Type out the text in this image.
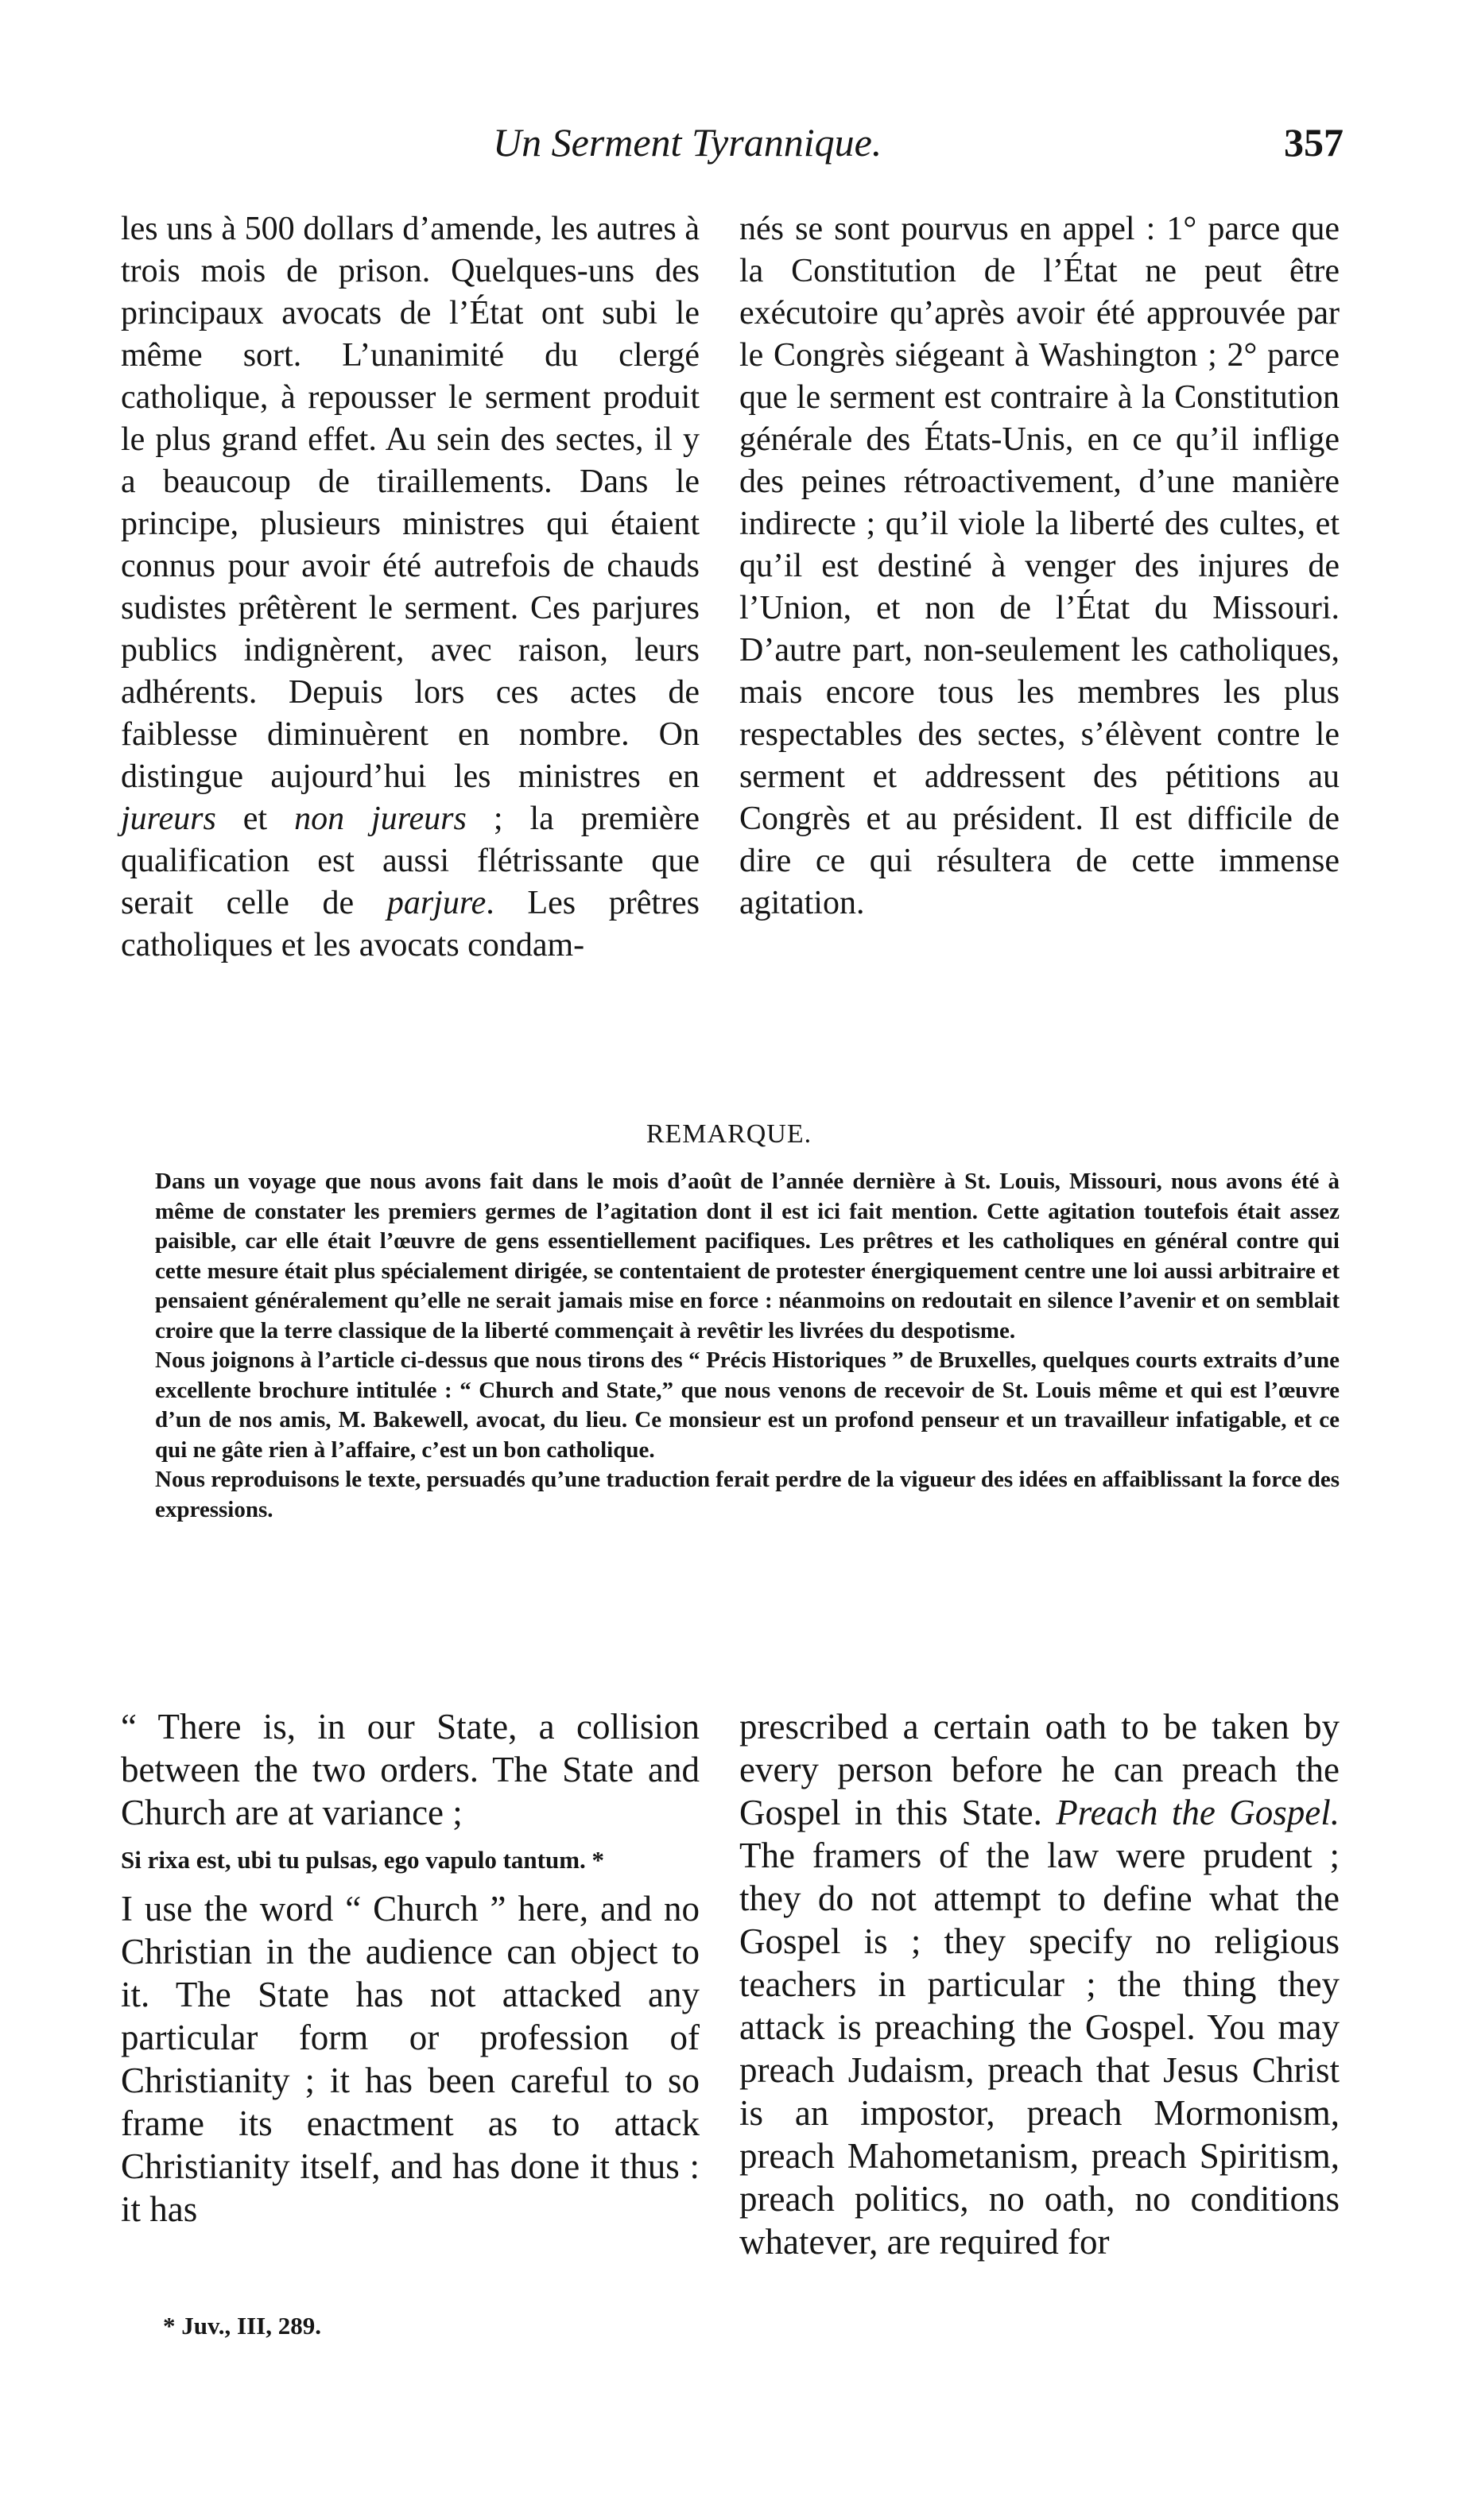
Un Serment Tyrannique.	357

les uns à 500 dollars d’amende, les autres à trois mois de prison. Quelques-uns des principaux avocats de l’État ont subi le même sort. L’unanimité du clergé catholique, à repousser le serment produit le plus grand effet. Au sein des sectes, il y a beaucoup de tiraillements. Dans le principe, plusieurs ministres qui étaient connus pour avoir été autrefois de chauds sudistes prêtèrent le serment. Ces parjures publics indignèrent, avec raison, leurs adhérents. Depuis lors ces actes de faiblesse diminuèrent en nombre. On distingue aujourd’hui les ministres en jureurs et non jureurs ; la première qualification est aussi flétrissante que serait celle de parjure. Les prêtres catholiques et les avocats condam-

nés se sont pourvus en appel : 1° parce que la Constitution de l’État ne peut être exécutoire qu’après avoir été approuvée par le Congrès siégeant à Washington ; 2° parce que le serment est contraire à la Constitution générale des États-Unis, en ce qu’il inflige des peines rétroactivement, d’une manière indirecte ; qu’il viole la liberté des cultes, et qu’il est destiné à venger des injures de l’Union, et non de l’État du Missouri. D’autre part, non-seulement les catholiques, mais encore tous les membres les plus respectables des sectes, s’élèvent contre le serment et addressent des pétitions au Congrès et au président. Il est difficile de dire ce qui résultera de cette immense agitation.

REMARQUE.

Dans un voyage que nous avons fait dans le mois d’août de l’année dernière à St. Louis, Missouri, nous avons été à même de constater les premiers germes de l’agitation dont il est ici fait mention. Cette agitation toutefois était assez paisible, car elle était l’œuvre de gens essentiellement pacifiques. Les prêtres et les catholiques en général contre qui cette mesure était plus spécialement dirigée, se contentaient de protester énergiquement centre une loi aussi arbitraire et pensaient généralement qu’elle ne serait jamais mise en force : néanmoins on redoutait en silence l’avenir et on semblait croire que la terre classique de la liberté commençait à revêtir les livrées du despotisme.

Nous joignons à l’article ci-dessus que nous tirons des “ Précis Historiques ” de Bruxelles, quelques courts extraits d’une excellente brochure intitulée : “ Church and State,” que nous venons de recevoir de St. Louis même et qui est l’œuvre d’un de nos amis, M. Bakewell, avocat, du lieu. Ce monsieur est un profond penseur et un travailleur infatigable, et ce qui ne gâte rien à l’affaire, c’est un bon catholique.

Nous reproduisons le texte, persuadés qu’une traduction ferait perdre de la vigueur des idées en affaiblissant la force des expressions.

“ There is, in our State, a collision between the two orders. The State and Church are at variance ;

Si rixa est, ubi tu pulsas, ego vapulo tantum. *

I use the word “ Church ” here, and no Christian in the audience can object to it. The State has not attacked any particular form or profession of Christianity ; it has been careful to so frame its enactment as to attack Christianity itself, and has done it thus : it has

prescribed a certain oath to be taken by every person before he can preach the Gospel in this State. Preach the Gospel. The framers of the law were prudent ; they do not attempt to define what the Gospel is ; they specify no religious teachers in particular ; the thing they attack is preaching the Gospel. You may preach Judaism, preach that Jesus Christ is an impostor, preach Mormonism, preach Mahometanism, preach Spiritism, preach politics, no oath, no conditions whatever, are required for

* Juv., III, 289.
